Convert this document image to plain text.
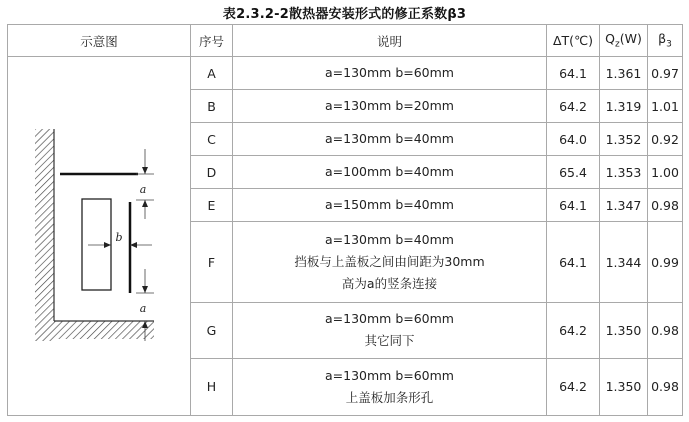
表2.3.2-2散热器安装形式的修正系数β3
示意图	序号	说明	ΔT(℃)	$Q_z(W)$	$\beta_3$

a
b
a	A	a=130mm b=60mm	64.1	1.361	0.97
	B	a=130mm b=20mm	64.2	1.319	1.01
	C	a=130mm b=40mm	64.0	1.352	0.92
	D	a=100mm b=40mm	65.4	1.353	1.00
	E	a=150mm b=40mm	64.1	1.347	0.98
	F	a=130mm b=40mm
挡板与上盖板之间由间距为30mm
高为a的竖条连接	64.1	1.344	0.99
	G	a=130mm b=60mm
其它同下	64.2	1.350	0.98
	H	a=130mm b=60mm
上盖板加条形孔	64.2	1.350	0.98
